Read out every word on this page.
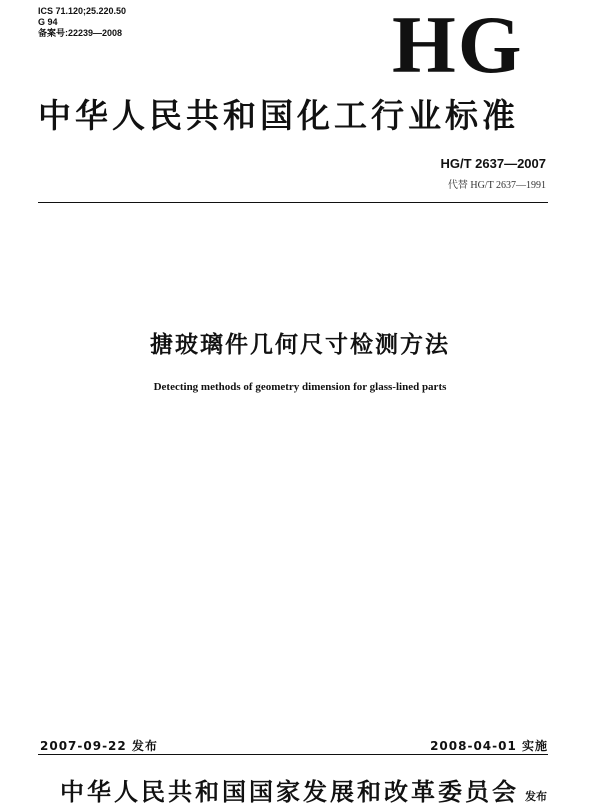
ICS 71.120;25.220.50
G 94
备案号:22239—2008	HG
中华人民共和国化工行业标准
HG/T 2637—2007
代替 HG/T 2637—1991
搪玻璃件几何尺寸检测方法
Detecting methods of geometry dimension for glass-lined parts
2007-09-22 发布	2008-04-01 实施
中华人民共和国国家发展和改革委员会 发布
